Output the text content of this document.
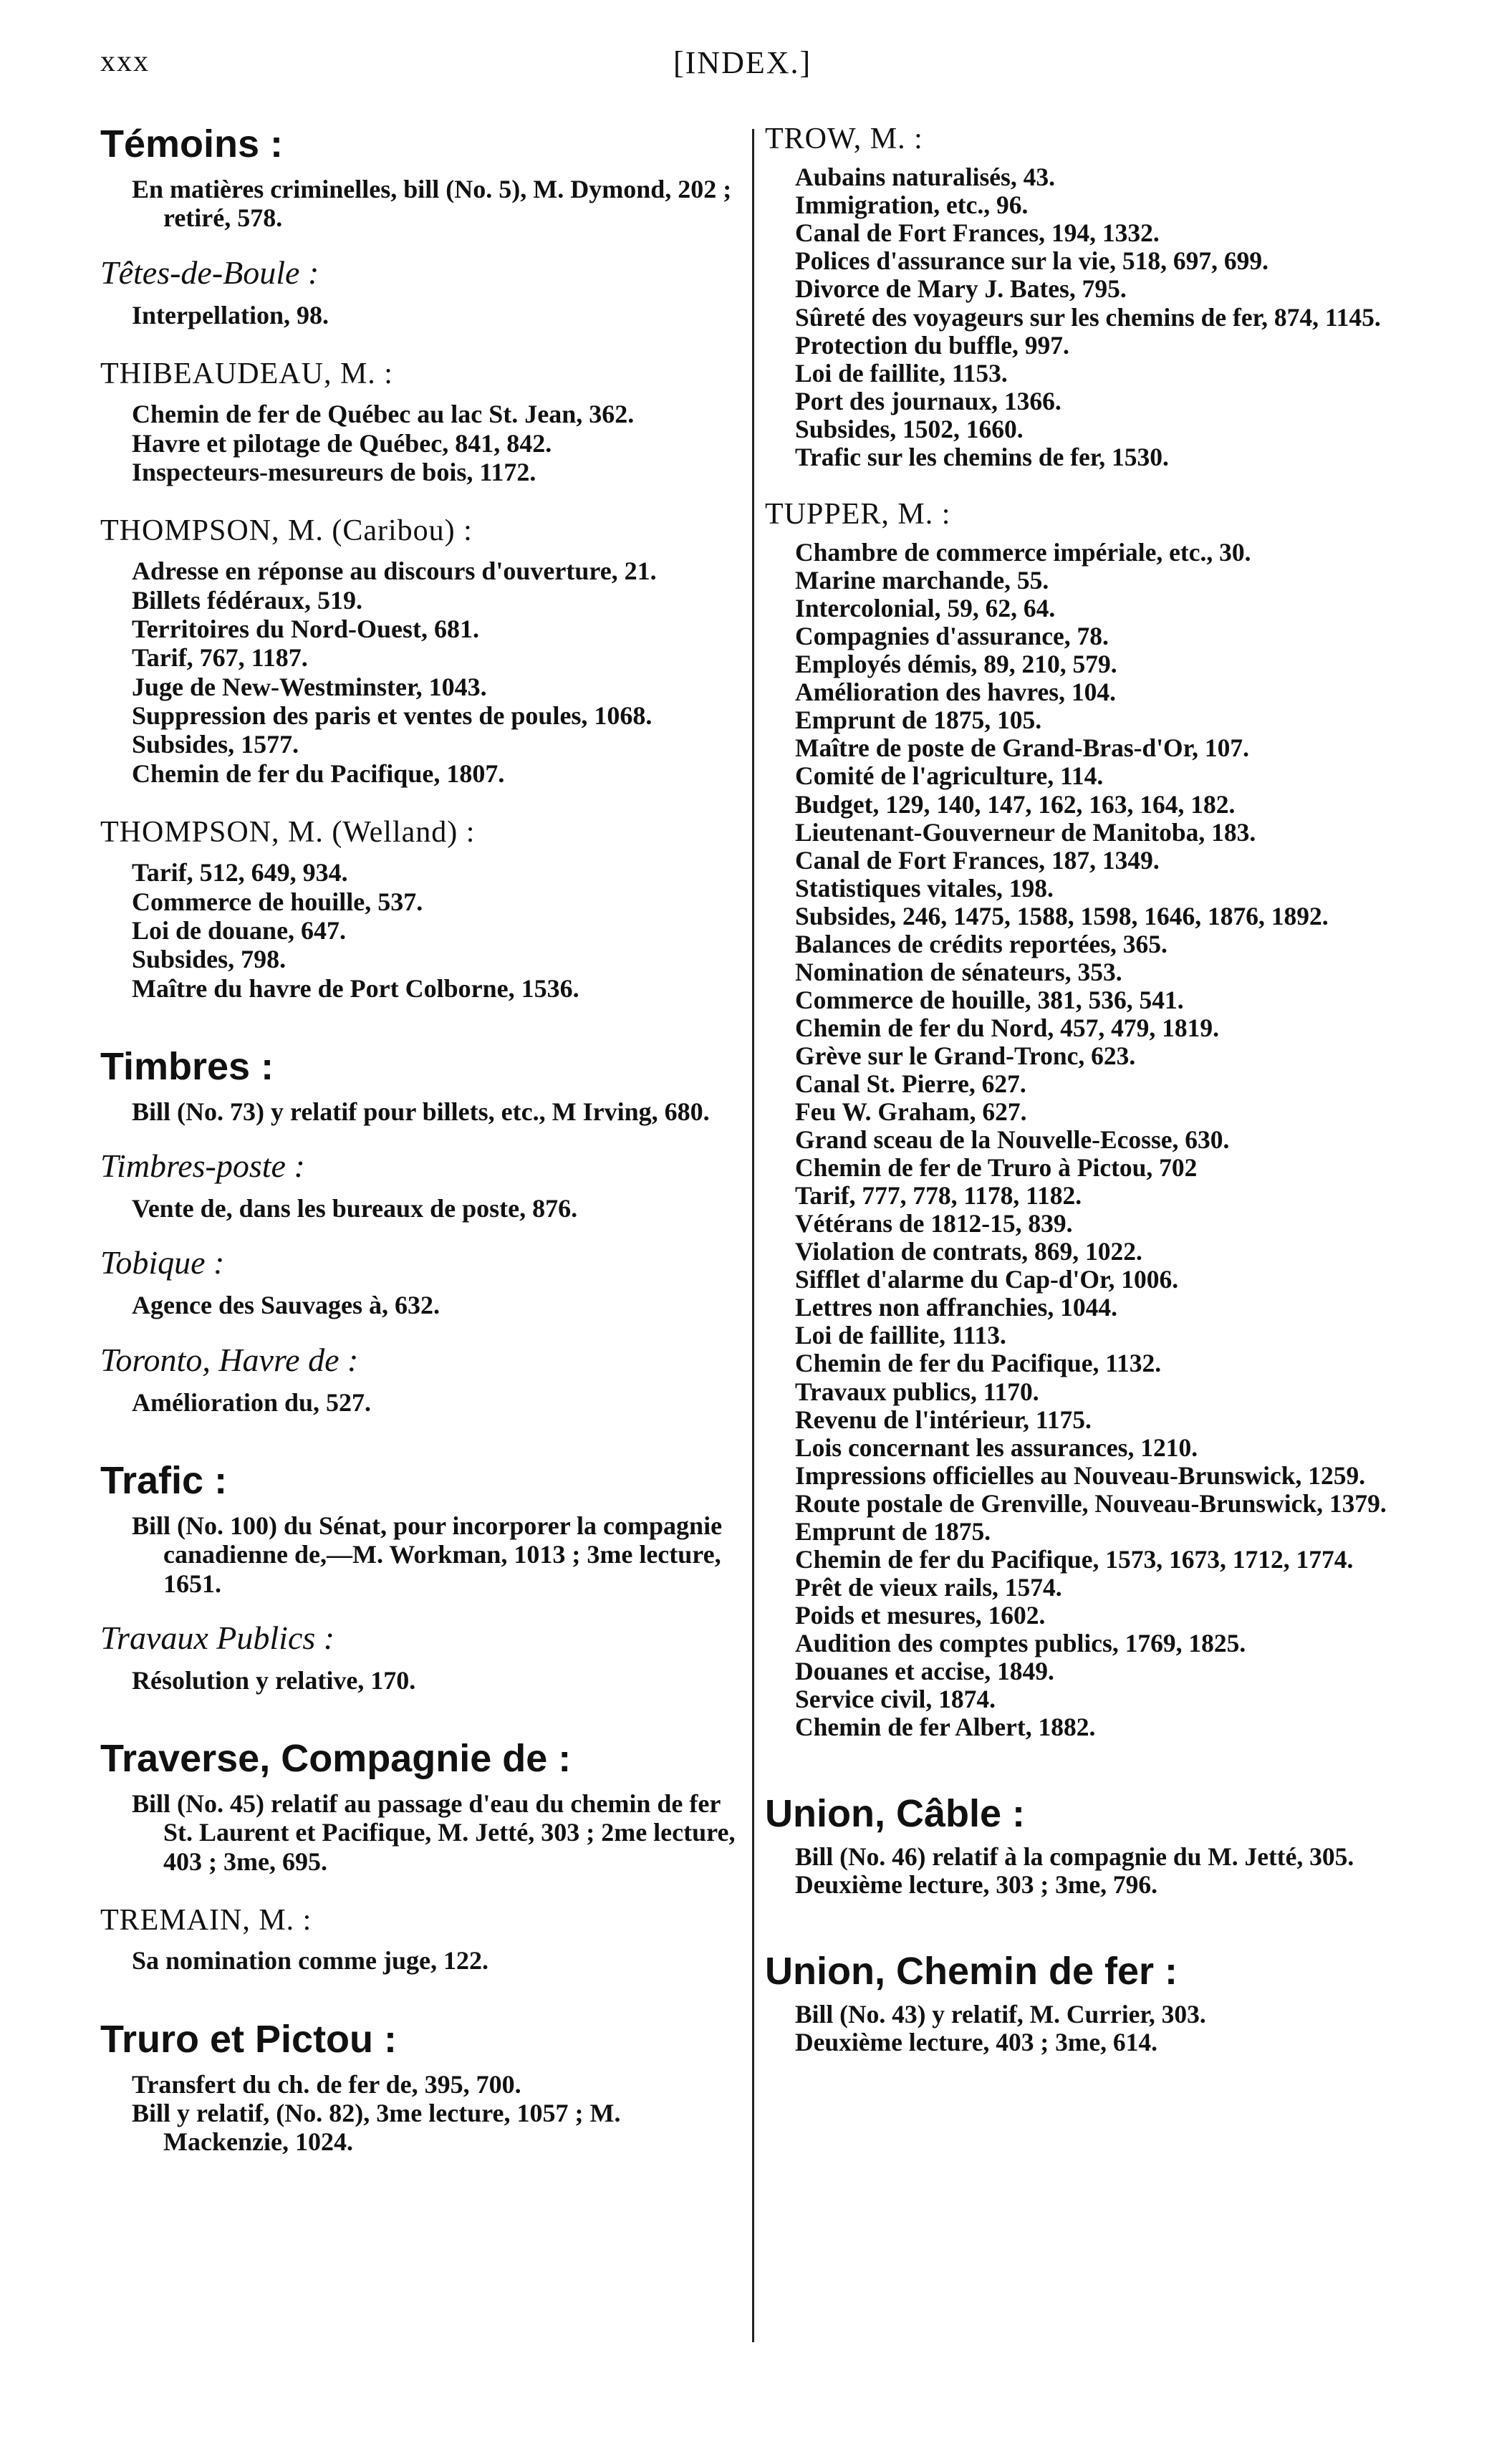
xxx	[INDEX.]
Témoins :
En matières criminelles, bill (No. 5), M. Dymond, 202 ; retiré, 578.
Têtes-de-Boule :
Interpellation, 98.
THIBEAUDEAU, M. :
Chemin de fer de Québec au lac St. Jean, 362.
Havre et pilotage de Québec, 841, 842.
Inspecteurs-mesureurs de bois, 1172.
THOMPSON, M. (Caribou) :
Adresse en réponse au discours d'ouverture, 21.
Billets fédéraux, 519.
Territoires du Nord-Ouest, 681.
Tarif, 767, 1187.
Juge de New-Westminster, 1043.
Suppression des paris et ventes de poules, 1068.
Subsides, 1577.
Chemin de fer du Pacifique, 1807.
THOMPSON, M. (Welland) :
Tarif, 512, 649, 934.
Commerce de houille, 537.
Loi de douane, 647.
Subsides, 798.
Maître du havre de Port Colborne, 1536.
Timbres :
Bill (No. 73) y relatif pour billets, etc., M Irving, 680.
Timbres-poste :
Vente de, dans les bureaux de poste, 876.
Tobique :
Agence des Sauvages à, 632.
Toronto, Havre de :
Amélioration du, 527.
Trafic :
Bill (No. 100) du Sénat, pour incorporer la compagnie canadienne de,—M. Workman, 1013 ; 3me lecture, 1651.
Travaux Publics :
Résolution y relative, 170.
Traverse, Compagnie de :
Bill (No. 45) relatif au passage d'eau du chemin de fer St. Laurent et Pacifique, M. Jetté, 303 ; 2me lecture, 403 ; 3me, 695.
TREMAIN, M. :
Sa nomination comme juge, 122.
Truro et Pictou :
Transfert du ch. de fer de, 395, 700.
Bill y relatif, (No. 82), 3me lecture, 1057 ; M. Mackenzie, 1024.
TROW, M. :
Aubains naturalisés, 43.
Immigration, etc., 96.
Canal de Fort Frances, 194, 1332.
Polices d'assurance sur la vie, 518, 697, 699.
Divorce de Mary J. Bates, 795.
Sûreté des voyageurs sur les chemins de fer, 874, 1145.
Protection du buffle, 997.
Loi de faillite, 1153.
Port des journaux, 1366.
Subsides, 1502, 1660.
Trafic sur les chemins de fer, 1530.
TUPPER, M. :
Chambre de commerce impériale, etc., 30.
Marine marchande, 55.
Intercolonial, 59, 62, 64.
Compagnies d'assurance, 78.
Employés démis, 89, 210, 579.
Amélioration des havres, 104.
Emprunt de 1875, 105.
Maître de poste de Grand-Bras-d'Or, 107.
Comité de l'agriculture, 114.
Budget, 129, 140, 147, 162, 163, 164, 182.
Lieutenant-Gouverneur de Manitoba, 183.
Canal de Fort Frances, 187, 1349.
Statistiques vitales, 198.
Subsides, 246, 1475, 1588, 1598, 1646, 1876, 1892.
Balances de crédits reportées, 365.
Nomination de sénateurs, 353.
Commerce de houille, 381, 536, 541.
Chemin de fer du Nord, 457, 479, 1819.
Grève sur le Grand-Tronc, 623.
Canal St. Pierre, 627.
Feu W. Graham, 627.
Grand sceau de la Nouvelle-Ecosse, 630.
Chemin de fer de Truro à Pictou, 702
Tarif, 777, 778, 1178, 1182.
Vétérans de 1812-15, 839.
Violation de contrats, 869, 1022.
Sifflet d'alarme du Cap-d'Or, 1006.
Lettres non affranchies, 1044.
Loi de faillite, 1113.
Chemin de fer du Pacifique, 1132.
Travaux publics, 1170.
Revenu de l'intérieur, 1175.
Lois concernant les assurances, 1210.
Impressions officielles au Nouveau-Brunswick, 1259.
Route postale de Grenville, Nouveau-Brunswick, 1379.
Emprunt de 1875.
Chemin de fer du Pacifique, 1573, 1673, 1712, 1774.
Prêt de vieux rails, 1574.
Poids et mesures, 1602.
Audition des comptes publics, 1769, 1825.
Douanes et accise, 1849.
Service civil, 1874.
Chemin de fer Albert, 1882.
Union, Câble :
Bill (No. 46) relatif à la compagnie du M. Jetté, 305.
Deuxième lecture, 303 ; 3me, 796.
Union, Chemin de fer :
Bill (No. 43) y relatif, M. Currier, 303.
Deuxième lecture, 403 ; 3me, 614.
